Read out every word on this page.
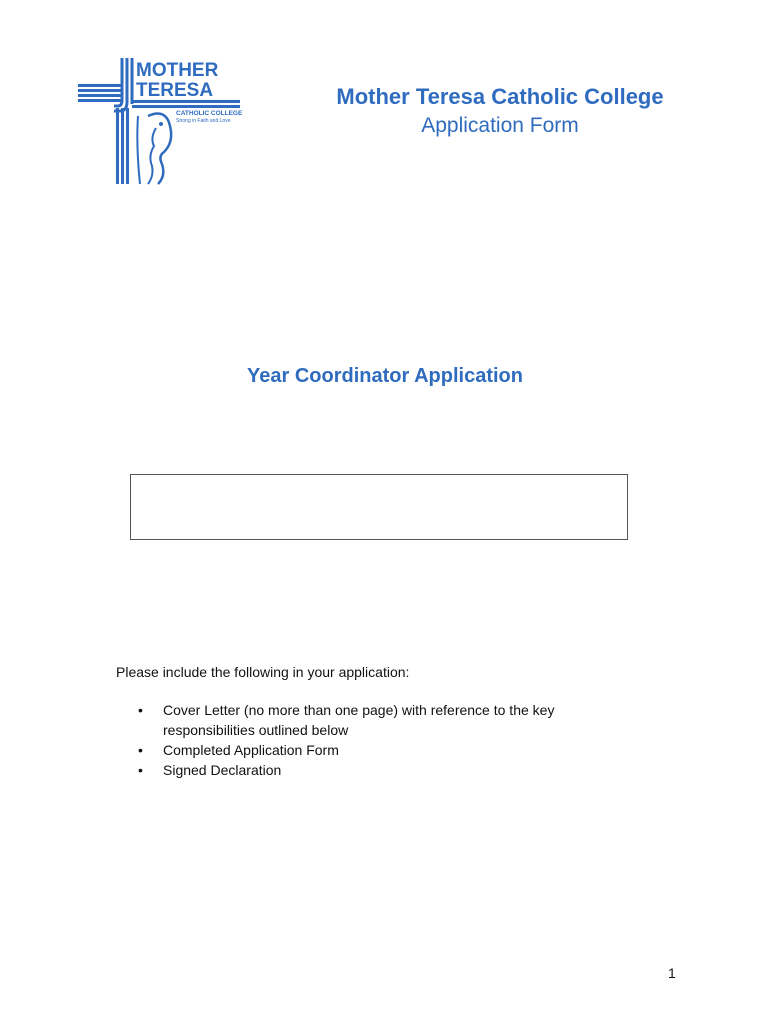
MOTHER
TERESA
CATHOLIC COLLEGE
Strong in Faith and Love
Mother Teresa Catholic College
Application Form
Year Coordinator Application
Please include the following in your application:
• Cover Letter (no more than one page) with reference to the key responsibilities outlined below
• Completed Application Form
• Signed Declaration
1
